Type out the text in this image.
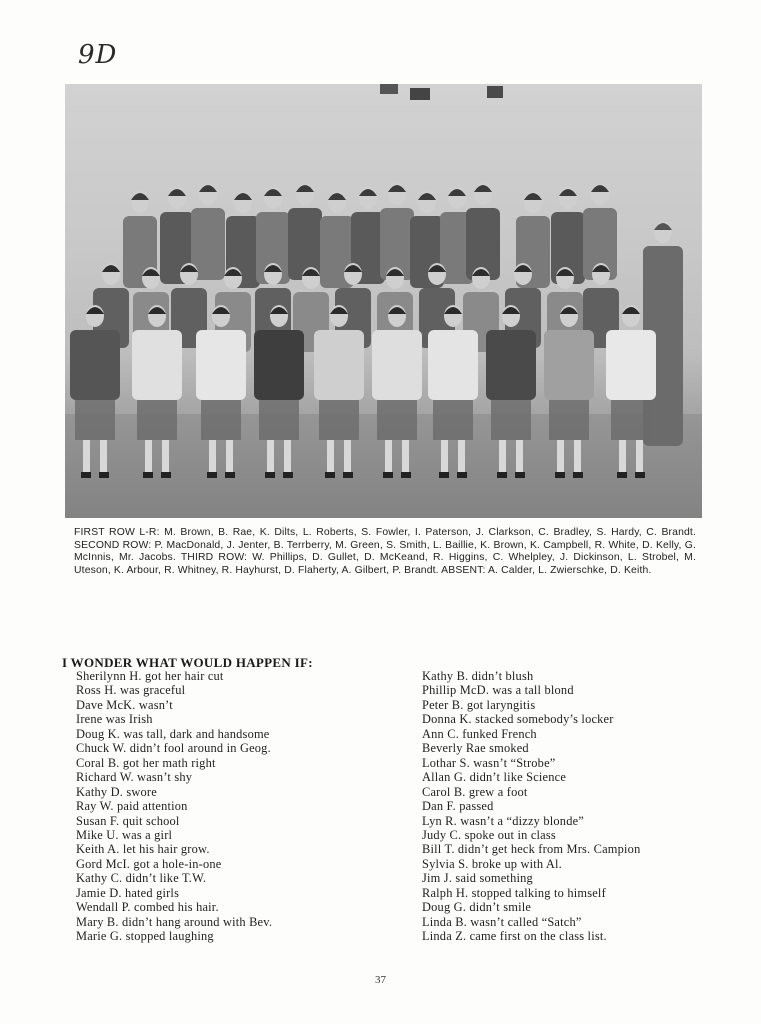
9D
FIRST ROW L-R: M. Brown, B. Rae, K. Dilts, L. Roberts, S. Fowler, I. Paterson, J. Clarkson, C. Bradley, S. Hardy, C. Brandt. SECOND ROW: P. MacDonald, J. Jenter, B. Terrberry, M. Green, S. Smith, L. Baillie, K. Brown, K. Campbell, R. White, D. Kelly, G. McInnis, Mr. Jacobs. THIRD ROW: W. Phillips, D. Gullet, D. McKeand, R. Higgins, C. Whelpley, J. Dickinson, L. Strobel, M. Uteson, K. Arbour, R. Whitney, R. Hayhurst, D. Flaherty, A. Gilbert, P. Brandt. ABSENT: A. Calder, L. Zwierschke, D. Keith.
I WONDER WHAT WOULD HAPPEN IF:
Sherilynn H. got her hair cut
Ross H. was graceful
Dave McK. wasn’t
Irene was Irish
Doug K. was tall, dark and handsome
Chuck W. didn’t fool around in Geog.
Coral B. got her math right
Richard W. wasn’t shy
Kathy D. swore
Ray W. paid attention
Susan F. quit school
Mike U. was a girl
Keith A. let his hair grow.
Gord McI. got a hole-in-one
Kathy C. didn’t like T.W.
Jamie D. hated girls
Wendall P. combed his hair.
Mary B. didn’t hang around with Bev.
Marie G. stopped laughing
Kathy B. didn’t blush
Phillip McD. was a tall blond
Peter B. got laryngitis
Donna K. stacked somebody’s locker
Ann C. funked French
Beverly Rae smoked
Lothar S. wasn’t “Strobe”
Allan G. didn’t like Science
Carol B. grew a foot
Dan F. passed
Lyn R. wasn’t a “dizzy blonde”
Judy C. spoke out in class
Bill T. didn’t get heck from Mrs. Campion
Sylvia S. broke up with Al.
Jim J. said something
Ralph H. stopped talking to himself
Doug G. didn’t smile
Linda B. wasn’t called “Satch”
Linda Z. came first on the class list.
37
